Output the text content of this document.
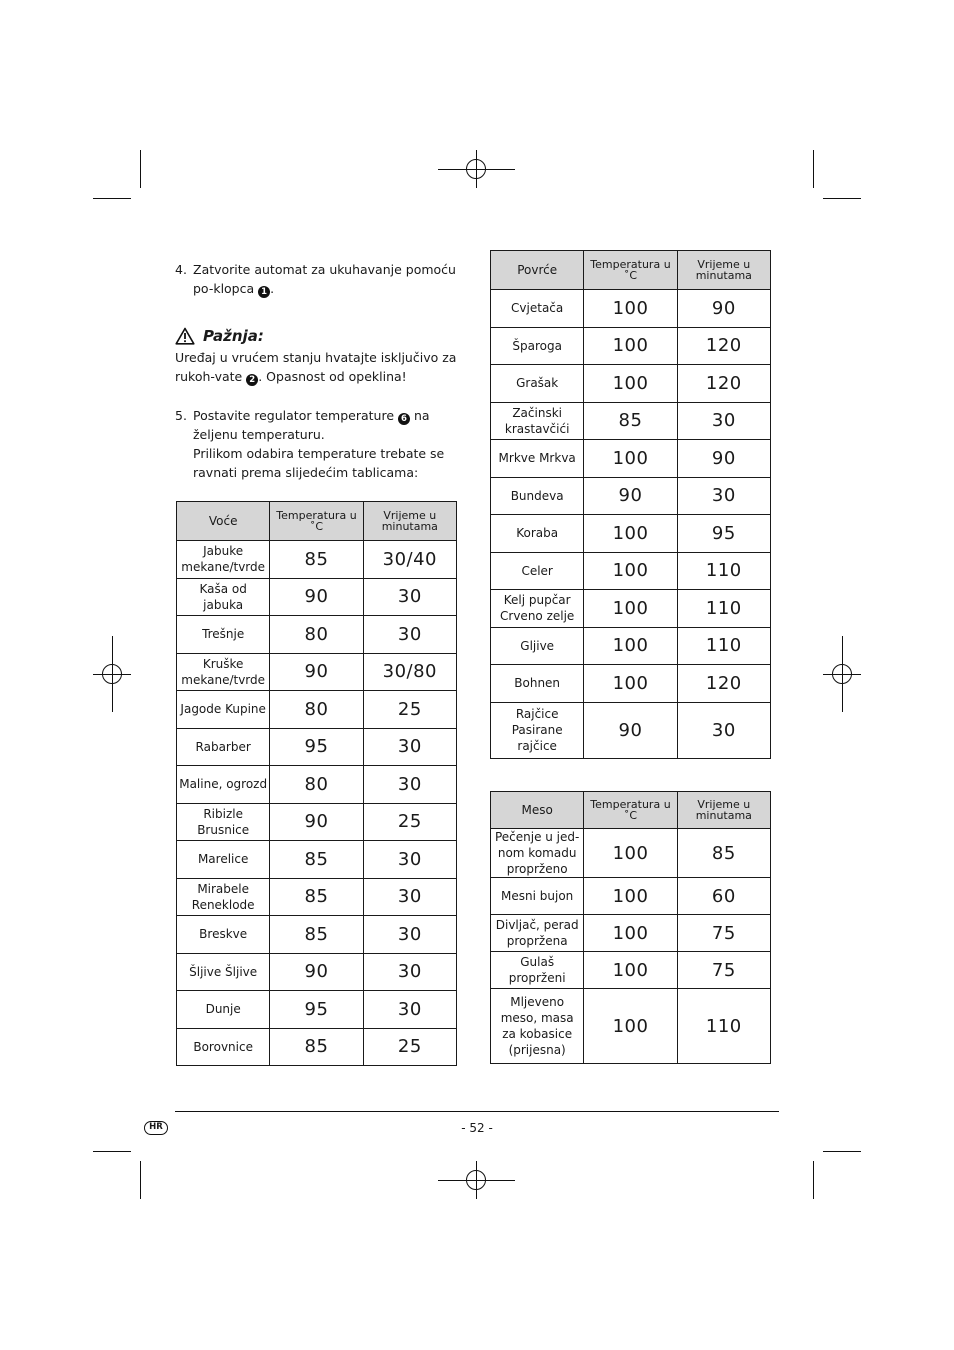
4. Zatvorite automat za ukuhavanje pomoću po-klopca 1 .
Pažnja:
Uređaj u vrućem stanju hvatajte isključivo za rukoh-vate 2 . Opasnost od opeklina!
5. Postavite regulator temperature 6 na željenu temperaturu.
Prilikom odabira temperature trebate se ravnati prema slijedećim tablicama:
Voće	Temperatura u ˚C	Vrijeme u minutama
Jabuke mekane/tvrde	85	30/40
Kaša od jabuka	90	30
Trešnje	80	30
Kruške mekane/tvrde	90	30/80
Jagode Kupine	80	25
Rabarber	95	30
Maline, ogrozd	80	30
Ribizle Brusnice	90	25
Marelice	85	30
Mirabele Reneklode	85	30
Breskve	85	30
Šljive Šljive	90	30
Dunje	95	30
Borovnice	85	25
Povrće	Temperatura u ˚C	Vrijeme u minutama
Cvjetača	100	90
Šparoga	100	120
Grašak	100	120
Začinski krastavčići	85	30
Mrkve Mrkva	100	90
Bundeva	90	30
Koraba	100	95
Celer	100	110
Kelj pupčar Crveno zelje	100	110
Gljive	100	110
Bohnen	100	120
Rajčice Pasirane rajčice	90	30
Meso	Temperatura u ˚C	Vrijeme u minutama
Pečenje u jed-nom komadu proprženo	100	85
Mesni bujon	100	60
Divljač, perad propržena	100	75
Gulaš proprženi	100	75
Mljeveno meso, masa za kobasice (prijesna)	100	110
HR	- 52 -
